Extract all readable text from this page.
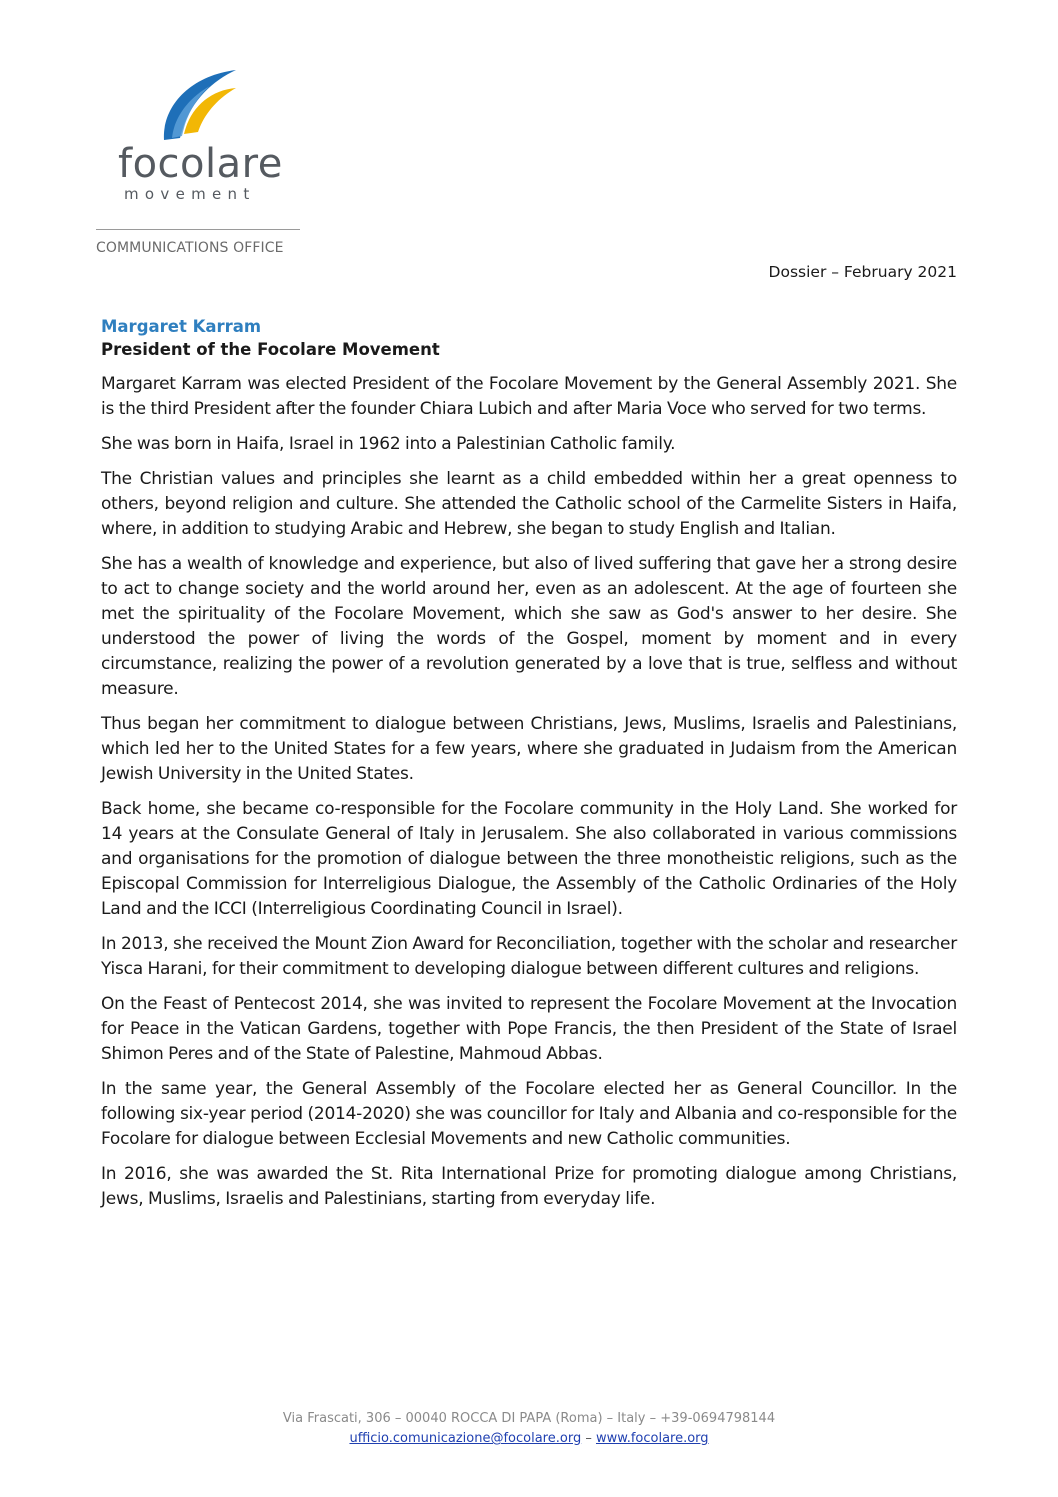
focolare
movement
COMMUNICATIONS OFFICE
Dossier – February 2021
Margaret Karram
President of the Focolare Movement

Margaret Karram was elected President of the Focolare Movement by the General Assembly 2021. She is the third President after the founder Chiara Lubich and after Maria Voce who served for two terms.

She was born in Haifa, Israel in 1962 into a Palestinian Catholic family.

The Christian values and principles she learnt as a child embedded within her a great openness to others, beyond religion and culture. She attended the Catholic school of the Carmelite Sisters in Haifa, where, in addition to studying Arabic and Hebrew, she began to study English and Italian.

She has a wealth of knowledge and experience, but also of lived suffering that gave her a strong desire to act to change society and the world around her, even as an adolescent. At the age of fourteen she met the spirituality of the Focolare Movement, which she saw as God's answer to her desire. She understood the power of living the words of the Gospel, moment by moment and in every circumstance, realizing the power of a revolution generated by a love that is true, selfless and without measure.

Thus began her commitment to dialogue between Christians, Jews, Muslims, Israelis and Palestinians, which led her to the United States for a few years, where she graduated in Judaism from the American Jewish University in the United States.

Back home, she became co-responsible for the Focolare community in the Holy Land. She worked for 14 years at the Consulate General of Italy in Jerusalem. She also collaborated in various commissions and organisations for the promotion of dialogue between the three monotheistic religions, such as the Episcopal Commission for Interreligious Dialogue, the Assembly of the Catholic Ordinaries of the Holy Land and the ICCI (Interreligious Coordinating Council in Israel).

In 2013, she received the Mount Zion Award for Reconciliation, together with the scholar and researcher Yisca Harani, for their commitment to developing dialogue between different cultures and religions.

On the Feast of Pentecost 2014, she was invited to represent the Focolare Movement at the Invocation for Peace in the Vatican Gardens, together with Pope Francis, the then President of the State of Israel Shimon Peres and of the State of Palestine, Mahmoud Abbas.

In the same year, the General Assembly of the Focolare elected her as General Councillor. In the following six-year period (2014-2020) she was councillor for Italy and Albania and co-responsible for the Focolare for dialogue between Ecclesial Movements and new Catholic communities.

In 2016, she was awarded the St. Rita International Prize for promoting dialogue among Christians, Jews, Muslims, Israelis and Palestinians, starting from everyday life.

Via Frascati, 306 – 00040 ROCCA DI PAPA (Roma) – Italy – +39-0694798144
ufficio.comunicazione@focolare.org – www.focolare.org
